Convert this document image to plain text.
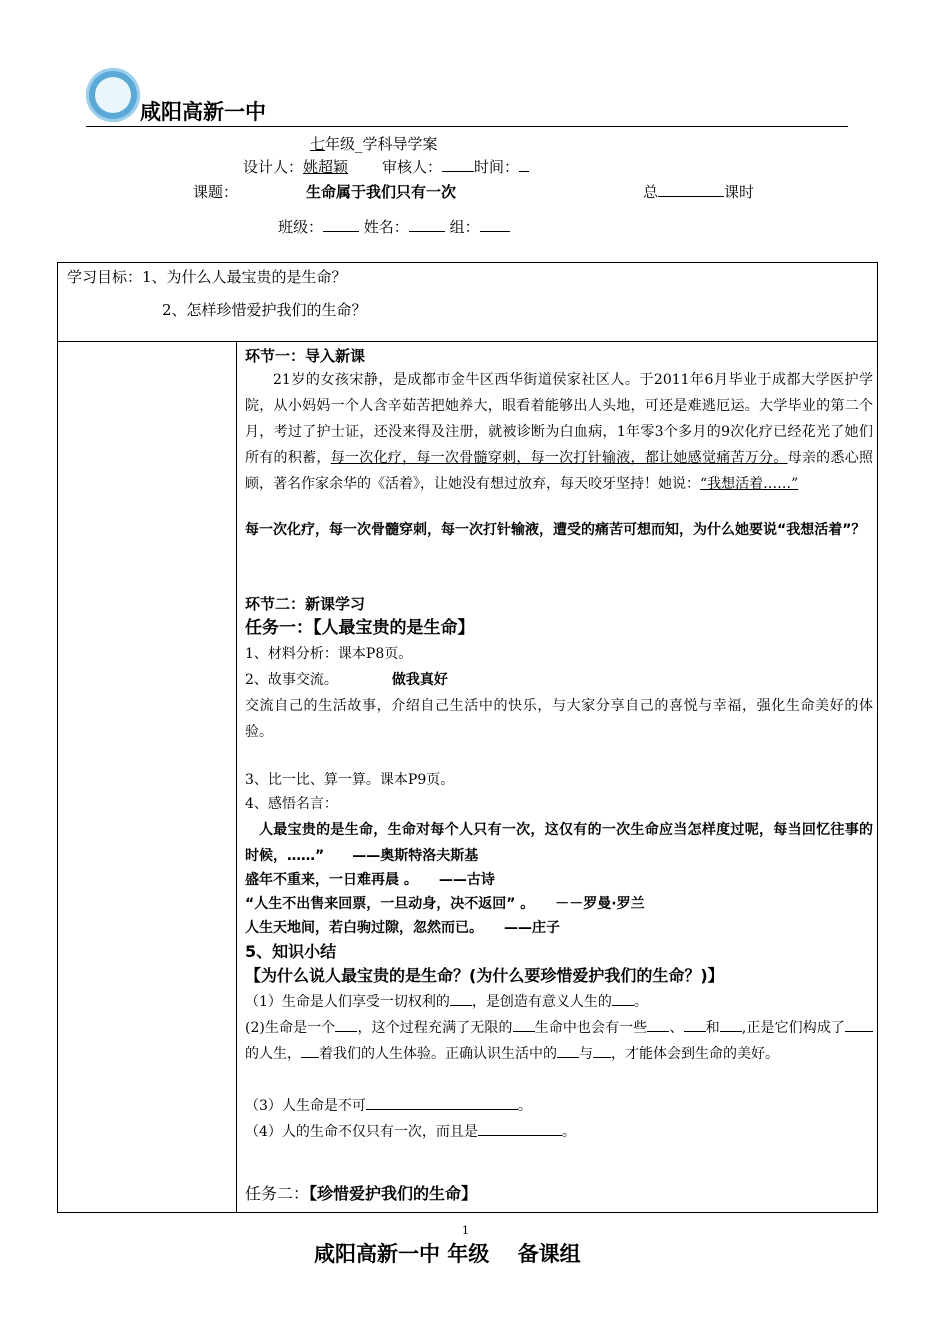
咸阳高新一中
七年级_学科导学案
设计人：姚超颖 审核人： 时间：
课题：	生命属于我们只有一次	总	课时
班级：	姓名：	组：
学习目标：1、为什么人最宝贵的是生命？
2、怎样珍惜爱护我们的生命？
环节一：导入新课
21岁的女孩宋静，是成都市金牛区西华街道侯家社区人。于2011年6月毕业于成都大学医护学院，从小妈妈一个人含辛茹苦把她养大，眼看着能够出人头地，可还是难逃厄运。大学毕业的第二个月，考过了护士证，还没来得及注册，就被诊断为白血病，1年零3个多月的9次化疗已经花光了她们所有的积蓄，每一次化疗，每一次骨髓穿刺，每一次打针输液，都让她感觉痛苦万分。母亲的悉心照顾，著名作家余华的《活着》，让她没有想过放弃，每天咬牙坚持！她说：“我想活着……”
每一次化疗，每一次骨髓穿刺，每一次打针输液，遭受的痛苦可想而知，为什么她要说“我想活着”？
环节二：新课学习
任务一：【人最宝贵的是生命】
1、材料分析：课本P8页。
2、故事交流。	做我真好
交流自己的生活故事，介绍自己生活中的快乐，与大家分享自己的喜悦与幸福，强化生命美好的体验。
3、比一比、算一算。课本P9页。
4、感悟名言：
人最宝贵的是生命，生命对每个人只有一次，这仅有的一次生命应当怎样度过呢，每当回忆往事的时候，……”　　——奥斯特洛夫斯基
盛年不重来，一日难再晨 。　　——古诗
“人生不出售来回票，一旦动身，决不返回” 。　　－－罗曼·罗兰
人生天地间，若白驹过隙，忽然而已。　　——庄子
5、知识小结
【为什么说人最宝贵的是生命？(为什么要珍惜爱护我们的生命？)】
（1）生命是人们享受一切权利的 ，是创造有意义人生的 。
(2)生命是一个 ，这个过程充满了无限的 生命中也会有一些 、 和 ,正是它们构成了的人生， 着我们的人生体验。正确认识生活中的 与 ，才能体会到生命的美好。
（3）人生命是不可	。
（4）人的生命不仅只有一次，而且是	。
任务二：【珍惜爱护我们的生命】
1
咸阳高新一中 年级　 备课组
